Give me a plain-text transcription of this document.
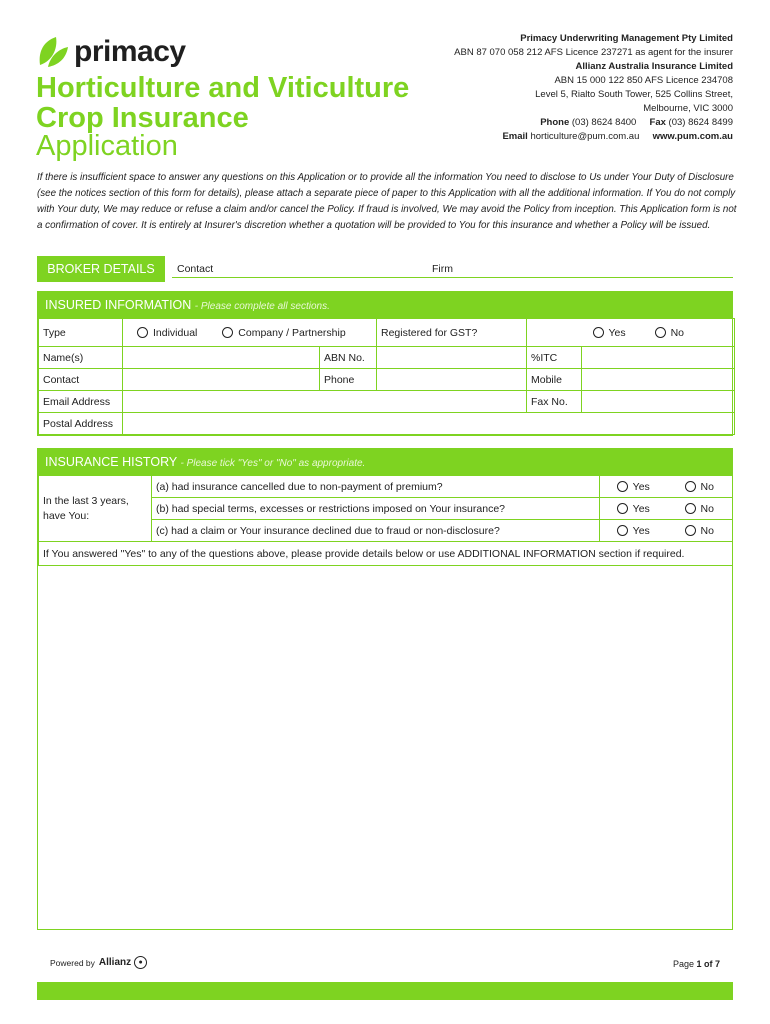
primacy
Horticulture and Viticulture
Crop Insurance
Application
Primacy Underwriting Management Pty Limited
ABN 87 070 058 212 AFS Licence 237271 as agent for the insurer
Allianz Australia Insurance Limited
ABN 15 000 122 850 AFS Licence 234708
Level 5, Rialto South Tower, 525 Collins Street,
Melbourne, VIC 3000
Phone (03) 8624 8400 Fax (03) 8624 8499
Email horticulture@pum.com.au www.pum.com.au
If there is insufficient space to answer any questions on this Application or to provide all the information You need to disclose to Us under Your Duty of Disclosure (see the notices section of this form for details), please attach a separate piece of paper to this Application with all the additional information. If You do not comply with Your duty, We may reduce or refuse a claim and/or cancel the Policy. If fraud is involved, We may avoid the Policy from inception. This Application form is not a confirmation of cover. It is entirely at Insurer's discretion whether a quotation will be provided to You for this insurance and whether a Policy will be issued.
BROKER DETAILS	Contact	Firm
INSURED INFORMATION - Please complete all sections.
Type	Individual Company / Partnership		Registered for GST?	Yes No	
Name(s)		ABN No.		%ITC	
Contact		Phone		Mobile	
Email Address				Fax No.	
Postal Address					
INSURANCE HISTORY - Please tick "Yes" or "No" as appropriate.
In the last 3 years, have You:	(a) had insurance cancelled due to non-payment of premium?	Yes	No
	(b) had special terms, excesses or restrictions imposed on Your insurance?	Yes	No
	(c) had a claim or Your insurance declined due to fraud or non-disclosure?	Yes	No
If You answered "Yes" to any of the questions above, please provide details below or use ADDITIONAL INFORMATION section if required.			
Powered by Allianz	●	Page 1 of 7
